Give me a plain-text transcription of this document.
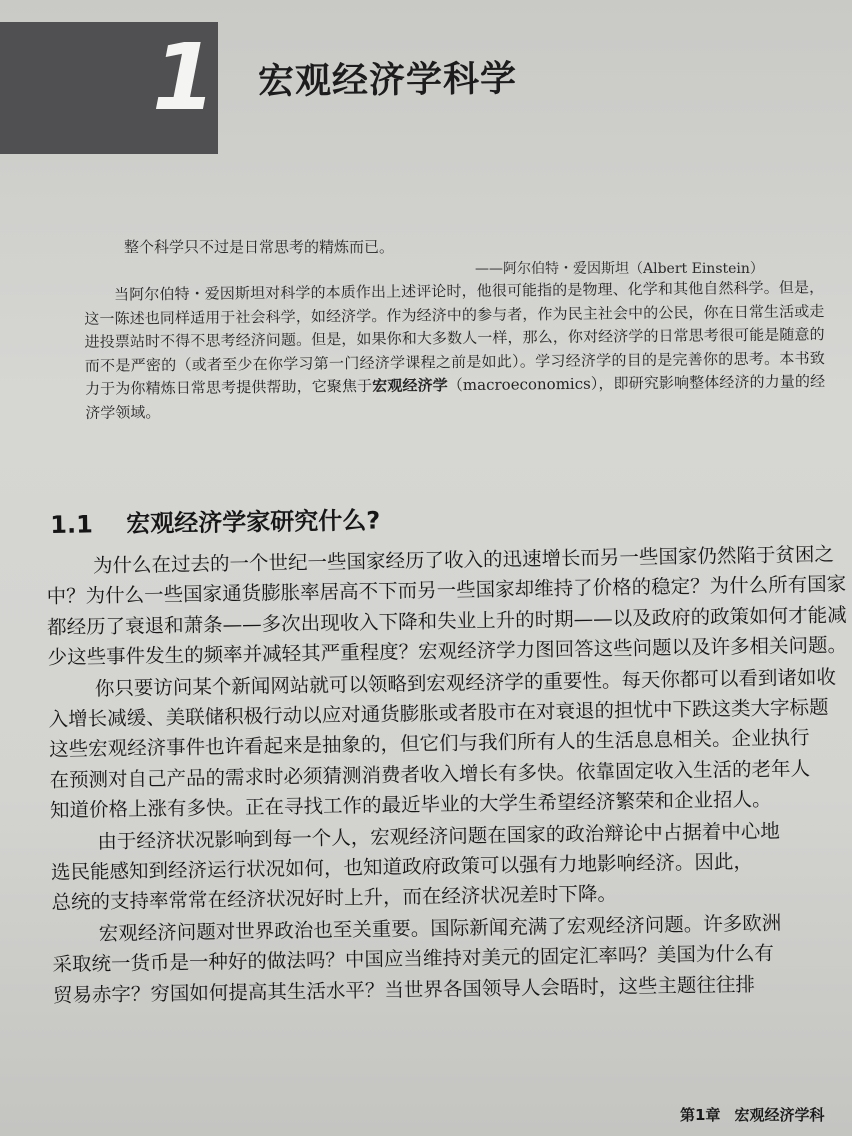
1 宏观经济学科学
整个科学只不过是日常思考的精炼而已。
——阿尔伯特・爱因斯坦（Albert Einstein）

当阿尔伯特・爱因斯坦对科学的本质作出上述评论时，他很可能指的是物理、化学和其他自然科学。但是，这一陈述也同样适用于社会科学，如经济学。作为经济中的参与者，作为民主社会中的公民，你在日常生活或走进投票站时不得不思考经济问题。但是，如果你和大多数人一样，那么，你对经济学的日常思考很可能是随意的而不是严密的（或者至少在你学习第一门经济学课程之前是如此）。学习经济学的目的是完善你的思考。本书致力于为你精炼日常思考提供帮助，它聚焦于宏观经济学（macroeconomics），即研究影响整体经济的力量的经济学领域。

1.1 宏观经济学家研究什么?

为什么在过去的一个世纪一些国家经历了收入的迅速增长而另一些国家仍然陷于贫困之
中？为什么一些国家通货膨胀率居高不下而另一些国家却维持了价格的稳定？为什么所有国家
都经历了衰退和萧条——多次出现收入下降和失业上升的时期——以及政府的政策如何才能减
少这些事件发生的频率并减轻其严重程度？宏观经济学力图回答这些问题以及许多相关问题。

你只要访问某个新闻网站就可以领略到宏观经济学的重要性。每天你都可以看到诸如收
入增长减缓、美联储积极行动以应对通货膨胀或者股市在对衰退的担忧中下跌这类大字标题
这些宏观经济事件也许看起来是抽象的，但它们与我们所有人的生活息息相关。企业执行
在预测对自己产品的需求时必须猜测消费者收入增长有多快。依靠固定收入生活的老年人
知道价格上涨有多快。正在寻找工作的最近毕业的大学生希望经济繁荣和企业招人。

由于经济状况影响到每一个人，宏观经济问题在国家的政治辩论中占据着中心地
选民能感知到经济运行状况如何，也知道政府政策可以强有力地影响经济。因此，
总统的支持率常常在经济状况好时上升，而在经济状况差时下降。

宏观经济问题对世界政治也至关重要。国际新闻充满了宏观经济问题。许多欧洲
采取统一货币是一种好的做法吗？中国应当维持对美元的固定汇率吗？美国为什么有
贸易赤字？穷国如何提高其生活水平？当世界各国领导人会晤时，这些主题往往排

第1章 宏观经济学科
